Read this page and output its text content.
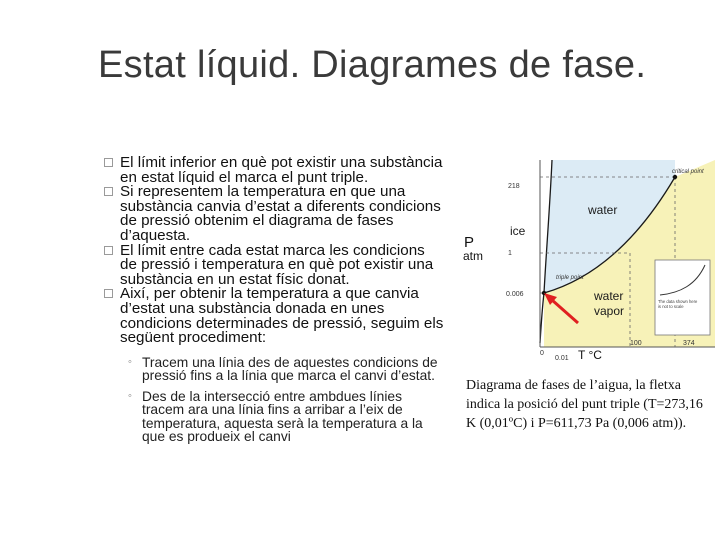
Estat líquid. Diagrames de fase.

El límit inferior en què pot existir una substància en estat líquid el marca el punt triple.

Si representem la temperatura en que una substància canvia d’estat a diferents condicions de pressió obtenim el diagrama de fases d’aquesta.

El límit entre cada estat marca les condicions de pressió i temperatura en què pot existir una substància en un estat físic donat.

Així, per obtenir la temperatura a que canvia d’estat una substància donada en unes condicions determinades de pressió, seguim els següent procediment:

◦ Tracem una línia des de aquestes condicions de pressió fins a la línia que marca el canvi d’estat.

◦ Des de la intersecció entre ambdues línies tracem ara una línia fins a arribar a l’eix de temperatura, aquesta serà la temperatura a la que es produeix el canvi

The data shown here is not to scale
P
atm
T °C
218
1
0.006
0
0.01
100	374
ice
water
water
vapor
critical point
triple point
Diagrama de fases de l’aigua, la fletxa indica la posició del punt triple (T=273,16 K (0,01ºC) i P=611,73 Pa (0,006 atm)).
